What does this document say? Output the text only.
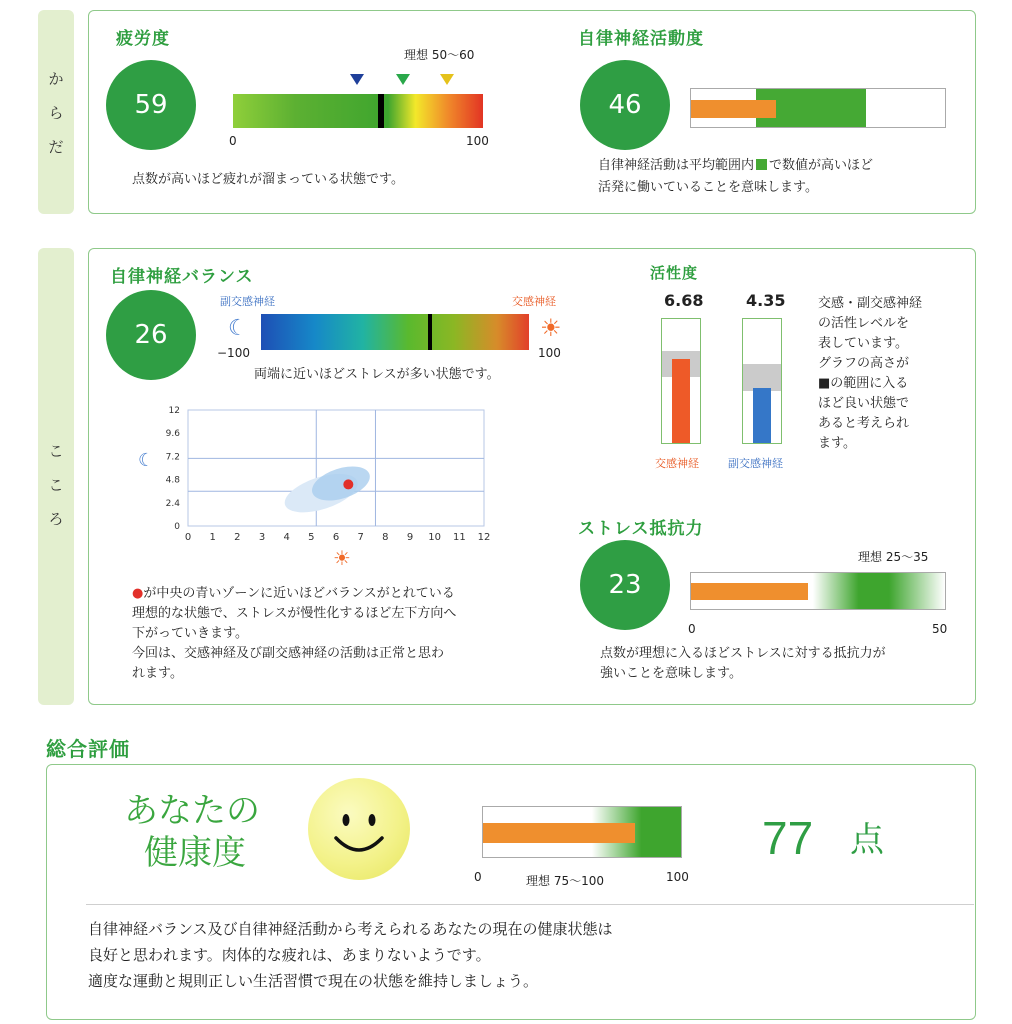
か
ら
だ
疲労度
59
理想 50〜60
0	100
点数が高いほど疲れが溜まっている状態です。
自律神経活動度
46
自律神経活動は平均範囲内 で数値が高いほど
活発に働いていることを意味します。
こ
こ
ろ
自律神経バランス
26
副交感神経	交感神経
☾	☀
−100	100
両端に近いほどストレスが多い状態です。
☾
☀
12
9.6
7.2
4.8
2.4
0
0 1 2 3 4 5 6 7 8 9 10 11 12
●が中央の青いゾーンに近いほどバランスがとれている
理想的な状態で、ストレスが慢性化するほど左下方向へ
下がっていきます。
今回は、交感神経及び副交感神経の活動は正常と思わ
れます。
活性度
6.68	4.35
交感神経	副交感神経
交感・副交感神経
の活性レベルを
表しています。
グラフの高さが
■の範囲に入る
ほど良い状態で
あると考えられ
ます。
ストレス抵抗力
23
理想 25〜35
0	50
点数が理想に入るほどストレスに対する抵抗力が
強いことを意味します。
総合評価
あなたの
健康度
0	理想 75〜100	100
77 点
自律神経バランス及び自律神経活動から考えられるあなたの現在の健康状態は
良好と思われます。肉体的な疲れは、あまりないようです。
適度な運動と規則正しい生活習慣で現在の状態を維持しましょう。
